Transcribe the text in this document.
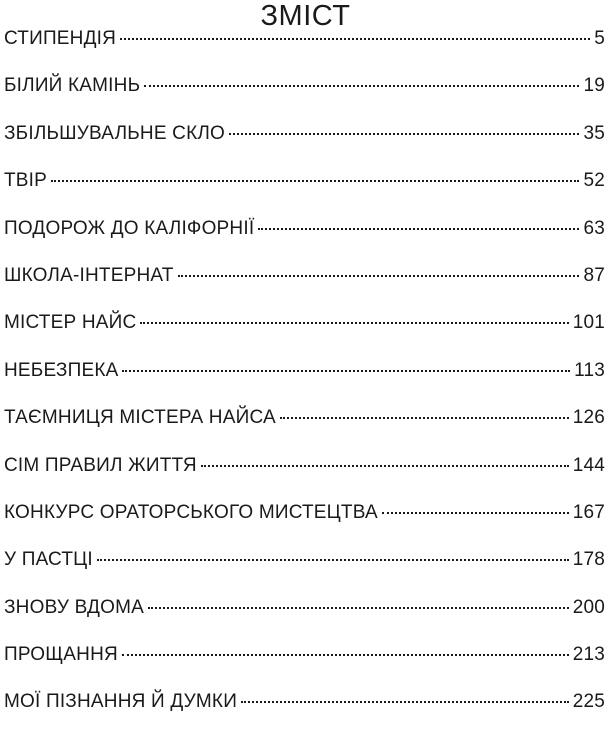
ЗМІСТ
СТИПЕНДІЯ	5
БІЛИЙ КАМІНЬ	19
ЗБІЛЬШУВАЛЬНЕ СКЛО	35
ТВІР	52
ПОДОРОЖ ДО КАЛІФОРНІЇ	63
ШКОЛА-ІНТЕРНАТ	87
МІСТЕР НАЙС	101
НЕБЕЗПЕКА	113
ТАЄМНИЦЯ МІСТЕРА НАЙСА	126
СІМ ПРАВИЛ ЖИТТЯ	144
КОНКУРС ОРАТОРСЬКОГО МИСТЕЦТВА	167
У ПАСТЦІ	178
ЗНОВУ ВДОМА	200
ПРОЩАННЯ	213
МОЇ ПІЗНАННЯ Й ДУМКИ	225
